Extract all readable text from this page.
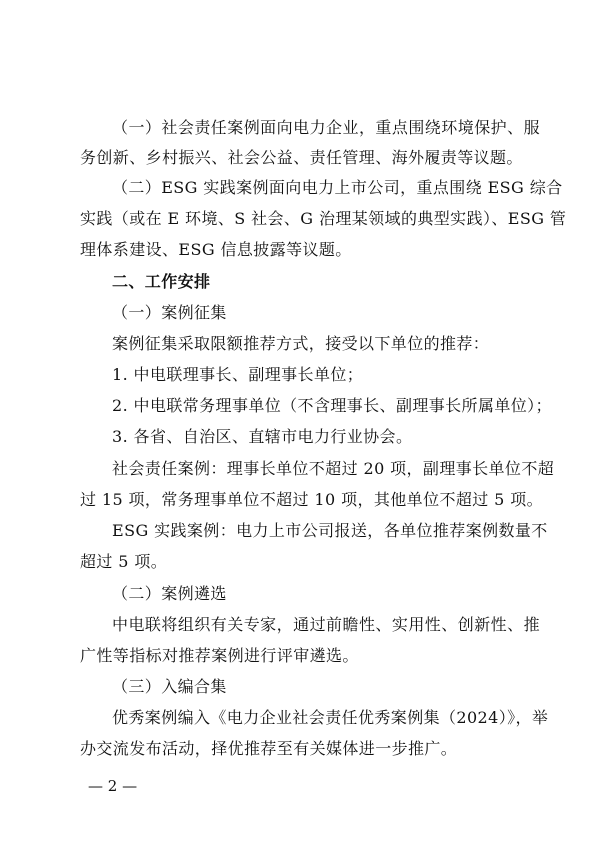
（一）社会责任案例面向电力企业，重点围绕环境保护、服
务创新、乡村振兴、社会公益、责任管理、海外履责等议题。
（二）ESG 实践案例面向电力上市公司，重点围绕 ESG 综合
实践（或在 E 环境、S 社会、G 治理某领域的典型实践）、ESG 管
理体系建设、ESG 信息披露等议题。
二、工作安排
（一）案例征集
案例征集采取限额推荐方式，接受以下单位的推荐：
1. 中电联理事长、副理事长单位；
2. 中电联常务理事单位（不含理事长、副理事长所属单位）；
3. 各省、自治区、直辖市电力行业协会。
社会责任案例：理事长单位不超过 20 项，副理事长单位不超
过 15 项，常务理事单位不超过 10 项，其他单位不超过 5 项。
ESG 实践案例：电力上市公司报送，各单位推荐案例数量不
超过 5 项。
（二）案例遴选
中电联将组织有关专家，通过前瞻性、实用性、创新性、推
广性等指标对推荐案例进行评审遴选。
（三）入编合集
优秀案例编入《电力企业社会责任优秀案例集（2024）》，举
办交流发布活动，择优推荐至有关媒体进一步推广。
— 2 —
